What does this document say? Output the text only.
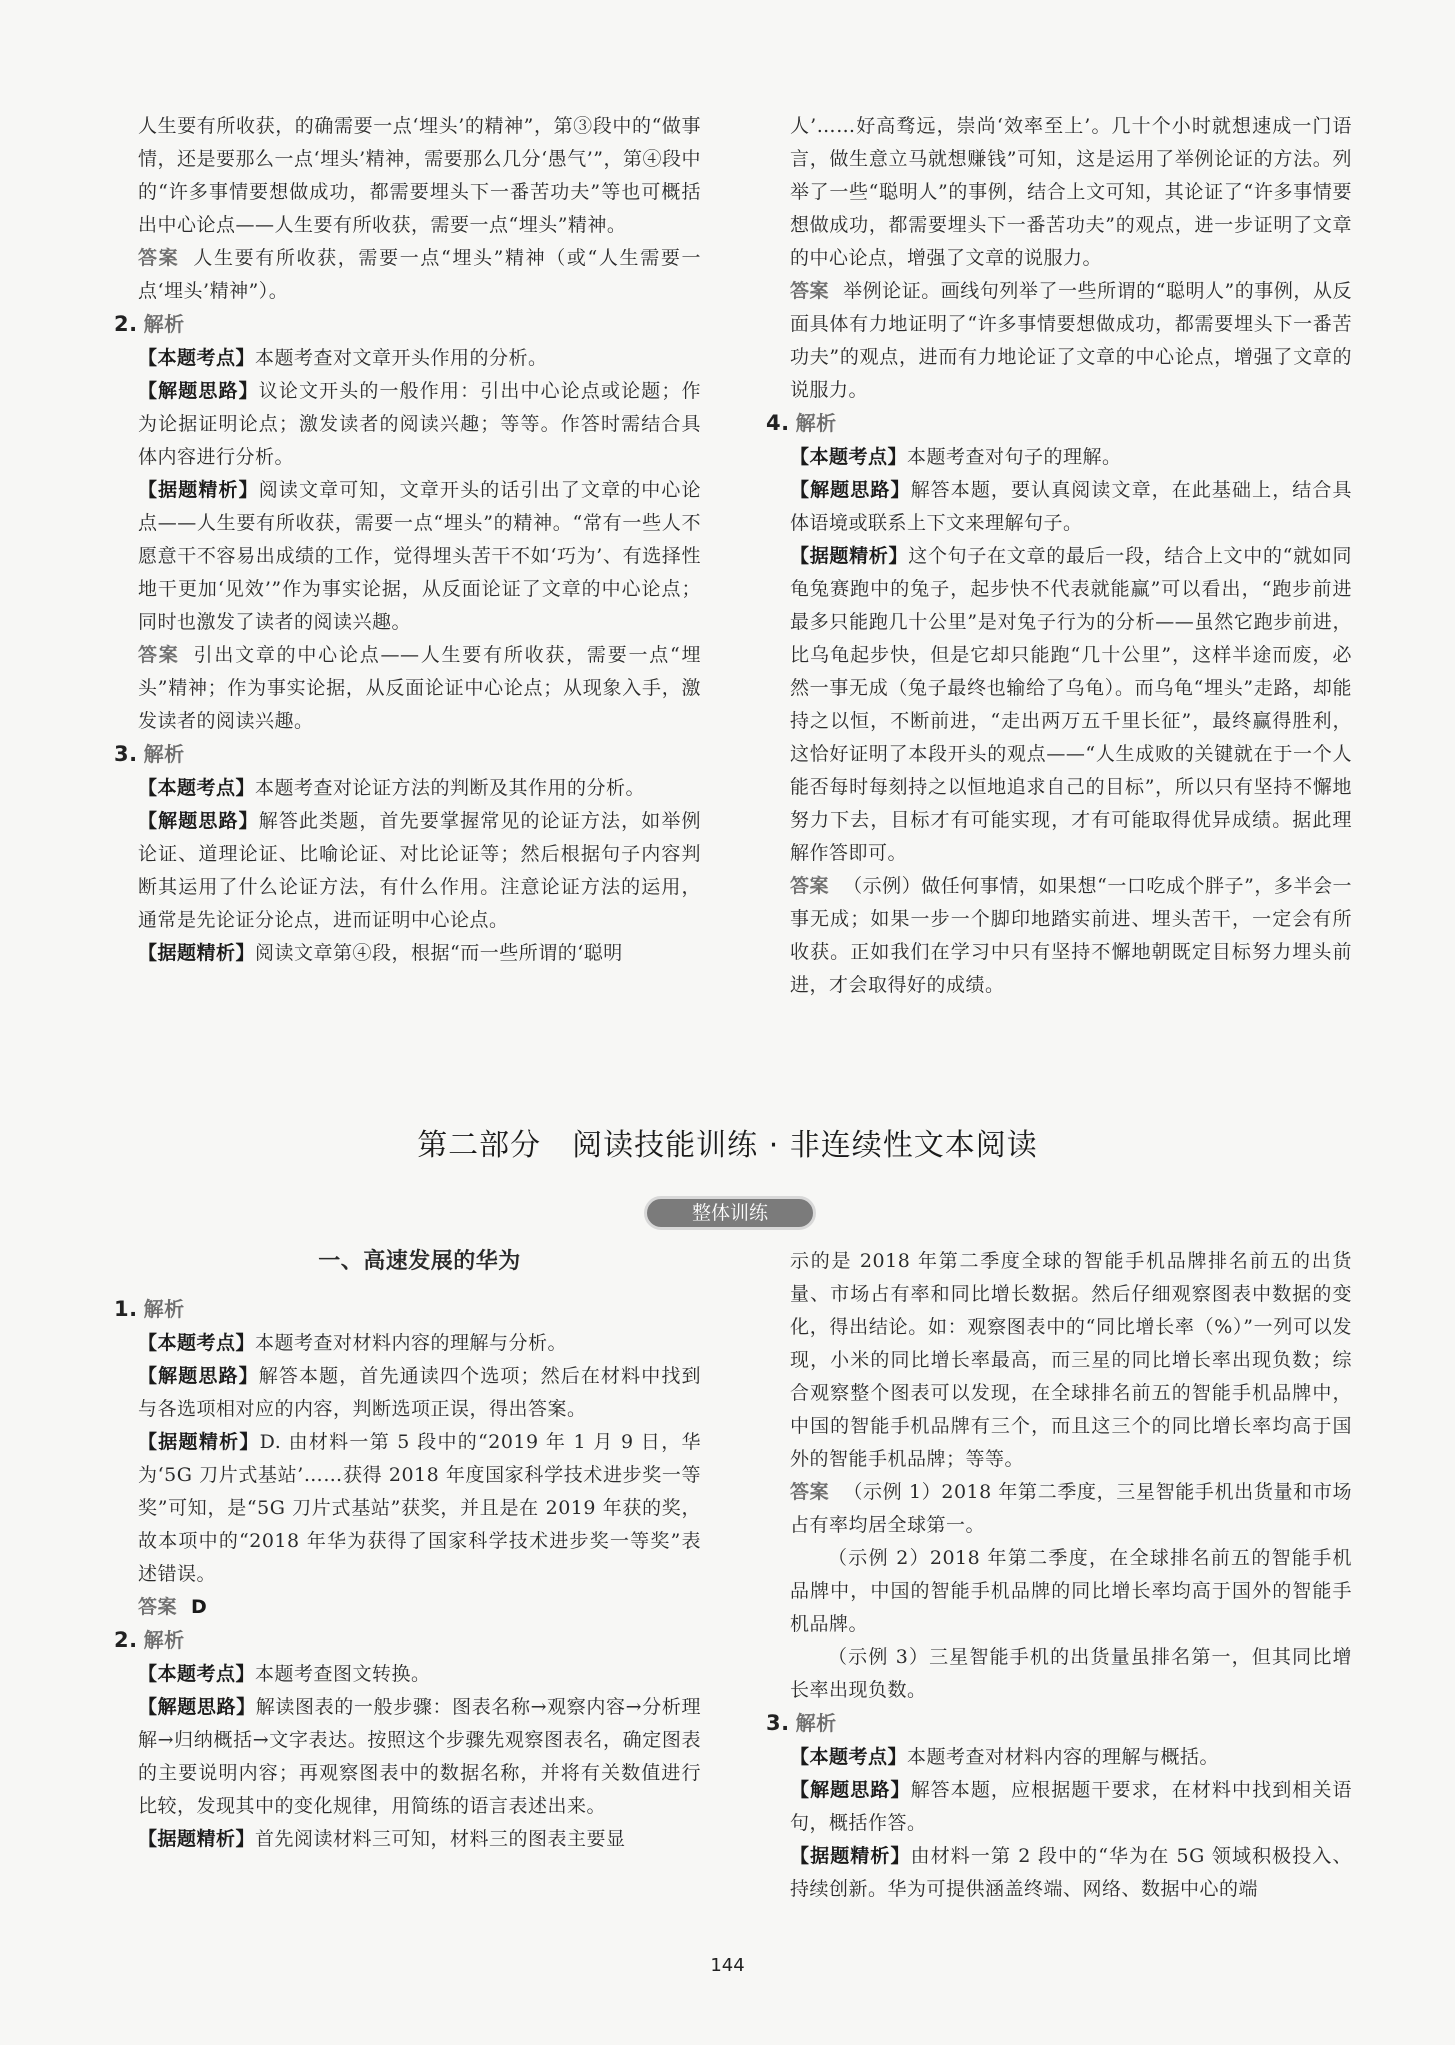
人生要有所收获，的确需要一点‘埋头’的精神”，第③段中的“做事情，还是要那么一点‘埋头’精神，需要那么几分‘愚气’”，第④段中的“许多事情要想做成功，都需要埋头下一番苦功夫”等也可概括出中心论点——人生要有所收获，需要一点“埋头”精神。

答案 人生要有所收获，需要一点“埋头”精神（或“人生需要一点‘埋头’精神”）。

2. 解析

【本题考点】本题考查对文章开头作用的分析。

【解题思路】议论文开头的一般作用：引出中心论点或论题；作为论据证明论点；激发读者的阅读兴趣；等等。作答时需结合具体内容进行分析。

【据题精析】阅读文章可知，文章开头的话引出了文章的中心论点——人生要有所收获，需要一点“埋头”的精神。“常有一些人不愿意干不容易出成绩的工作，觉得埋头苦干不如‘巧为’、有选择性地干更加‘见效’”作为事实论据，从反面论证了文章的中心论点；同时也激发了读者的阅读兴趣。

答案 引出文章的中心论点——人生要有所收获，需要一点“埋头”精神；作为事实论据，从反面论证中心论点；从现象入手，激发读者的阅读兴趣。

3. 解析

【本题考点】本题考查对论证方法的判断及其作用的分析。

【解题思路】解答此类题，首先要掌握常见的论证方法，如举例论证、道理论证、比喻论证、对比论证等；然后根据句子内容判断其运用了什么论证方法，有什么作用。注意论证方法的运用，通常是先论证分论点，进而证明中心论点。

【据题精析】阅读文章第④段，根据“而一些所谓的‘聪明

人’……好高骛远，崇尚‘效率至上’。几十个小时就想速成一门语言，做生意立马就想赚钱”可知，这是运用了举例论证的方法。列举了一些“聪明人”的事例，结合上文可知，其论证了“许多事情要想做成功，都需要埋头下一番苦功夫”的观点，进一步证明了文章的中心论点，增强了文章的说服力。

答案 举例论证。画线句列举了一些所谓的“聪明人”的事例，从反面具体有力地证明了“许多事情要想做成功，都需要埋头下一番苦功夫”的观点，进而有力地论证了文章的中心论点，增强了文章的说服力。

4. 解析

【本题考点】本题考查对句子的理解。

【解题思路】解答本题，要认真阅读文章，在此基础上，结合具体语境或联系上下文来理解句子。

【据题精析】这个句子在文章的最后一段，结合上文中的“就如同龟兔赛跑中的兔子，起步快不代表就能赢”可以看出，“跑步前进最多只能跑几十公里”是对兔子行为的分析——虽然它跑步前进，比乌龟起步快，但是它却只能跑“几十公里”，这样半途而废，必然一事无成（兔子最终也输给了乌龟）。而乌龟“埋头”走路，却能持之以恒，不断前进，“走出两万五千里长征”，最终赢得胜利，这恰好证明了本段开头的观点——“人生成败的关键就在于一个人能否每时每刻持之以恒地追求自己的目标”，所以只有坚持不懈地努力下去，目标才有可能实现，才有可能取得优异成绩。据此理解作答即可。

答案 （示例）做任何事情，如果想“一口吃成个胖子”，多半会一事无成；如果一步一个脚印地踏实前进、埋头苦干，一定会有所收获。正如我们在学习中只有坚持不懈地朝既定目标努力埋头前进，才会取得好的成绩。

第二部分　阅读技能训练 · 非连续性文本阅读
整体训练
一、高速发展的华为

1. 解析

【本题考点】本题考查对材料内容的理解与分析。

【解题思路】解答本题，首先通读四个选项；然后在材料中找到与各选项相对应的内容，判断选项正误，得出答案。

【据题精析】D. 由材料一第 5 段中的“2019 年 1 月 9 日，华为‘5G 刀片式基站’……获得 2018 年度国家科学技术进步奖一等奖”可知，是“5G 刀片式基站”获奖，并且是在 2019 年获的奖，故本项中的“2018 年华为获得了国家科学技术进步奖一等奖”表述错误。

答案 D

2. 解析

【本题考点】本题考查图文转换。

【解题思路】解读图表的一般步骤：图表名称→观察内容→分析理解→归纳概括→文字表达。按照这个步骤先观察图表名，确定图表的主要说明内容；再观察图表中的数据名称，并将有关数值进行比较，发现其中的变化规律，用简练的语言表述出来。

【据题精析】首先阅读材料三可知，材料三的图表主要显

示的是 2018 年第二季度全球的智能手机品牌排名前五的出货量、市场占有率和同比增长数据。然后仔细观察图表中数据的变化，得出结论。如：观察图表中的“同比增长率（%）”一列可以发现，小米的同比增长率最高，而三星的同比增长率出现负数；综合观察整个图表可以发现，在全球排名前五的智能手机品牌中，中国的智能手机品牌有三个，而且这三个的同比增长率均高于国外的智能手机品牌；等等。

答案 （示例 1）2018 年第二季度，三星智能手机出货量和市场占有率均居全球第一。

（示例 2）2018 年第二季度，在全球排名前五的智能手机品牌中，中国的智能手机品牌的同比增长率均高于国外的智能手机品牌。

（示例 3）三星智能手机的出货量虽排名第一，但其同比增长率出现负数。

3. 解析

【本题考点】本题考查对材料内容的理解与概括。

【解题思路】解答本题，应根据题干要求，在材料中找到相关语句，概括作答。

【据题精析】由材料一第 2 段中的“华为在 5G 领域积极投入、持续创新。华为可提供涵盖终端、网络、数据中心的端

144
